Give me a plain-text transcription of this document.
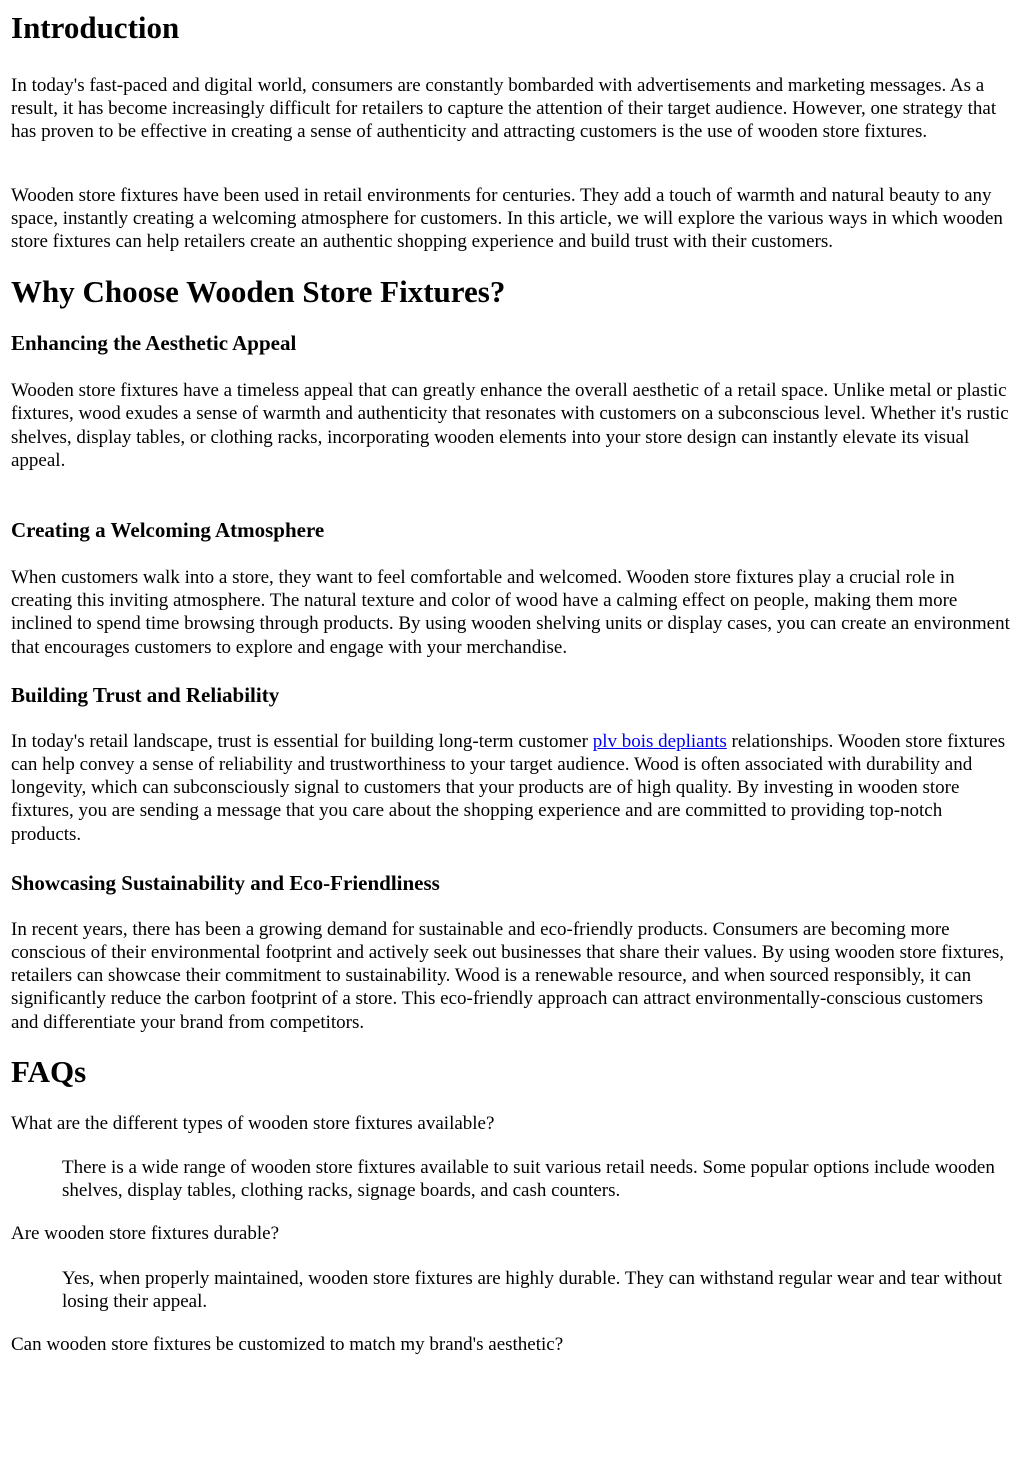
Introduction

In today's fast-paced and digital world, consumers are constantly bombarded with advertisements and marketing messages. As a result, it has become increasingly difficult for retailers to capture the attention of their target audience. However, one strategy that has proven to be effective in creating a sense of authenticity and attracting customers is the use of wooden store fixtures.

Wooden store fixtures have been used in retail environments for centuries. They add a touch of warmth and natural beauty to any space, instantly creating a welcoming atmosphere for customers. In this article, we will explore the various ways in which wooden store fixtures can help retailers create an authentic shopping experience and build trust with their customers.

Why Choose Wooden Store Fixtures?
Enhancing the Aesthetic Appeal

Wooden store fixtures have a timeless appeal that can greatly enhance the overall aesthetic of a retail space. Unlike metal or plastic fixtures, wood exudes a sense of warmth and authenticity that resonates with customers on a subconscious level. Whether it's rustic shelves, display tables, or clothing racks, incorporating wooden elements into your store design can instantly elevate its visual appeal.

Creating a Welcoming Atmosphere

When customers walk into a store, they want to feel comfortable and welcomed. Wooden store fixtures play a crucial role in creating this inviting atmosphere. The natural texture and color of wood have a calming effect on people, making them more inclined to spend time browsing through products. By using wooden shelving units or display cases, you can create an environment that encourages customers to explore and engage with your merchandise.

Building Trust and Reliability

In today's retail landscape, trust is essential for building long-term customer plv bois depliants relationships. Wooden store fixtures can help convey a sense of reliability and trustworthiness to your target audience. Wood is often associated with durability and longevity, which can subconsciously signal to customers that your products are of high quality. By investing in wooden store fixtures, you are sending a message that you care about the shopping experience and are committed to providing top-notch products.

Showcasing Sustainability and Eco-Friendliness

In recent years, there has been a growing demand for sustainable and eco-friendly products. Consumers are becoming more conscious of their environmental footprint and actively seek out businesses that share their values. By using wooden store fixtures, retailers can showcase their commitment to sustainability. Wood is a renewable resource, and when sourced responsibly, it can significantly reduce the carbon footprint of a store. This eco-friendly approach can attract environmentally-conscious customers and differentiate your brand from competitors.

FAQs

What are the different types of wooden store fixtures available?

There is a wide range of wooden store fixtures available to suit various retail needs. Some popular options include wooden shelves, display tables, clothing racks, signage boards, and cash counters.

Are wooden store fixtures durable?

Yes, when properly maintained, wooden store fixtures are highly durable. They can withstand regular wear and tear without losing their appeal.

Can wooden store fixtures be customized to match my brand's aesthetic?
